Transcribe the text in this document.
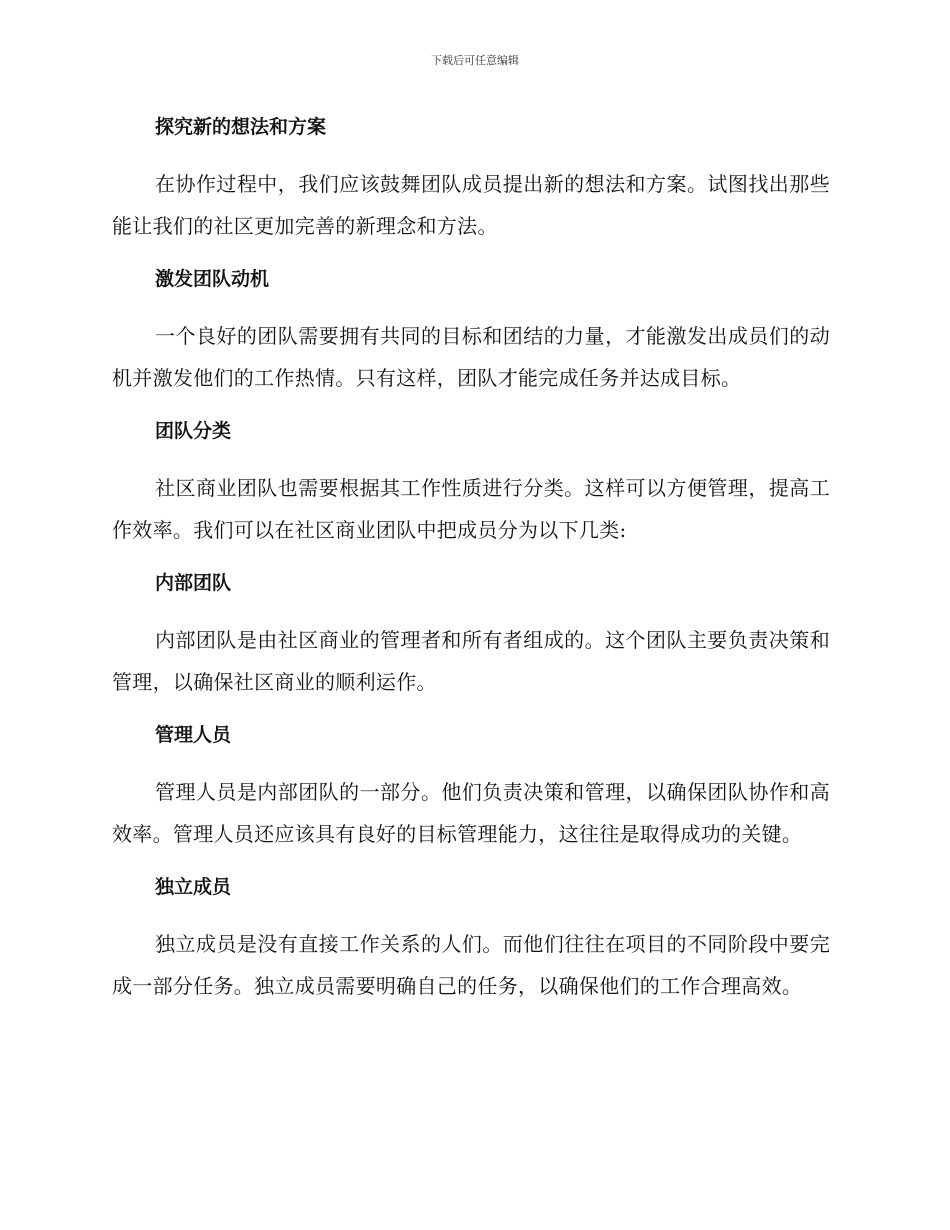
下载后可任意编辑
探究新的想法和方案

在协作过程中，我们应该鼓舞团队成员提出新的想法和方案。试图找出那些能让我们的社区更加完善的新理念和方法。

激发团队动机

一个良好的团队需要拥有共同的目标和团结的力量，才能激发出成员们的动机并激发他们的工作热情。只有这样，团队才能完成任务并达成目标。

团队分类

社区商业团队也需要根据其工作性质进行分类。这样可以方便管理，提高工作效率。我们可以在社区商业团队中把成员分为以下几类:

内部团队

内部团队是由社区商业的管理者和所有者组成的。这个团队主要负责决策和管理，以确保社区商业的顺利运作。

管理人员

管理人员是内部团队的一部分。他们负责决策和管理，以确保团队协作和高效率。管理人员还应该具有良好的目标管理能力，这往往是取得成功的关键。

独立成员

独立成员是没有直接工作关系的人们。而他们往往在项目的不同阶段中要完成一部分任务。独立成员需要明确自己的任务，以确保他们的工作合理高效。
